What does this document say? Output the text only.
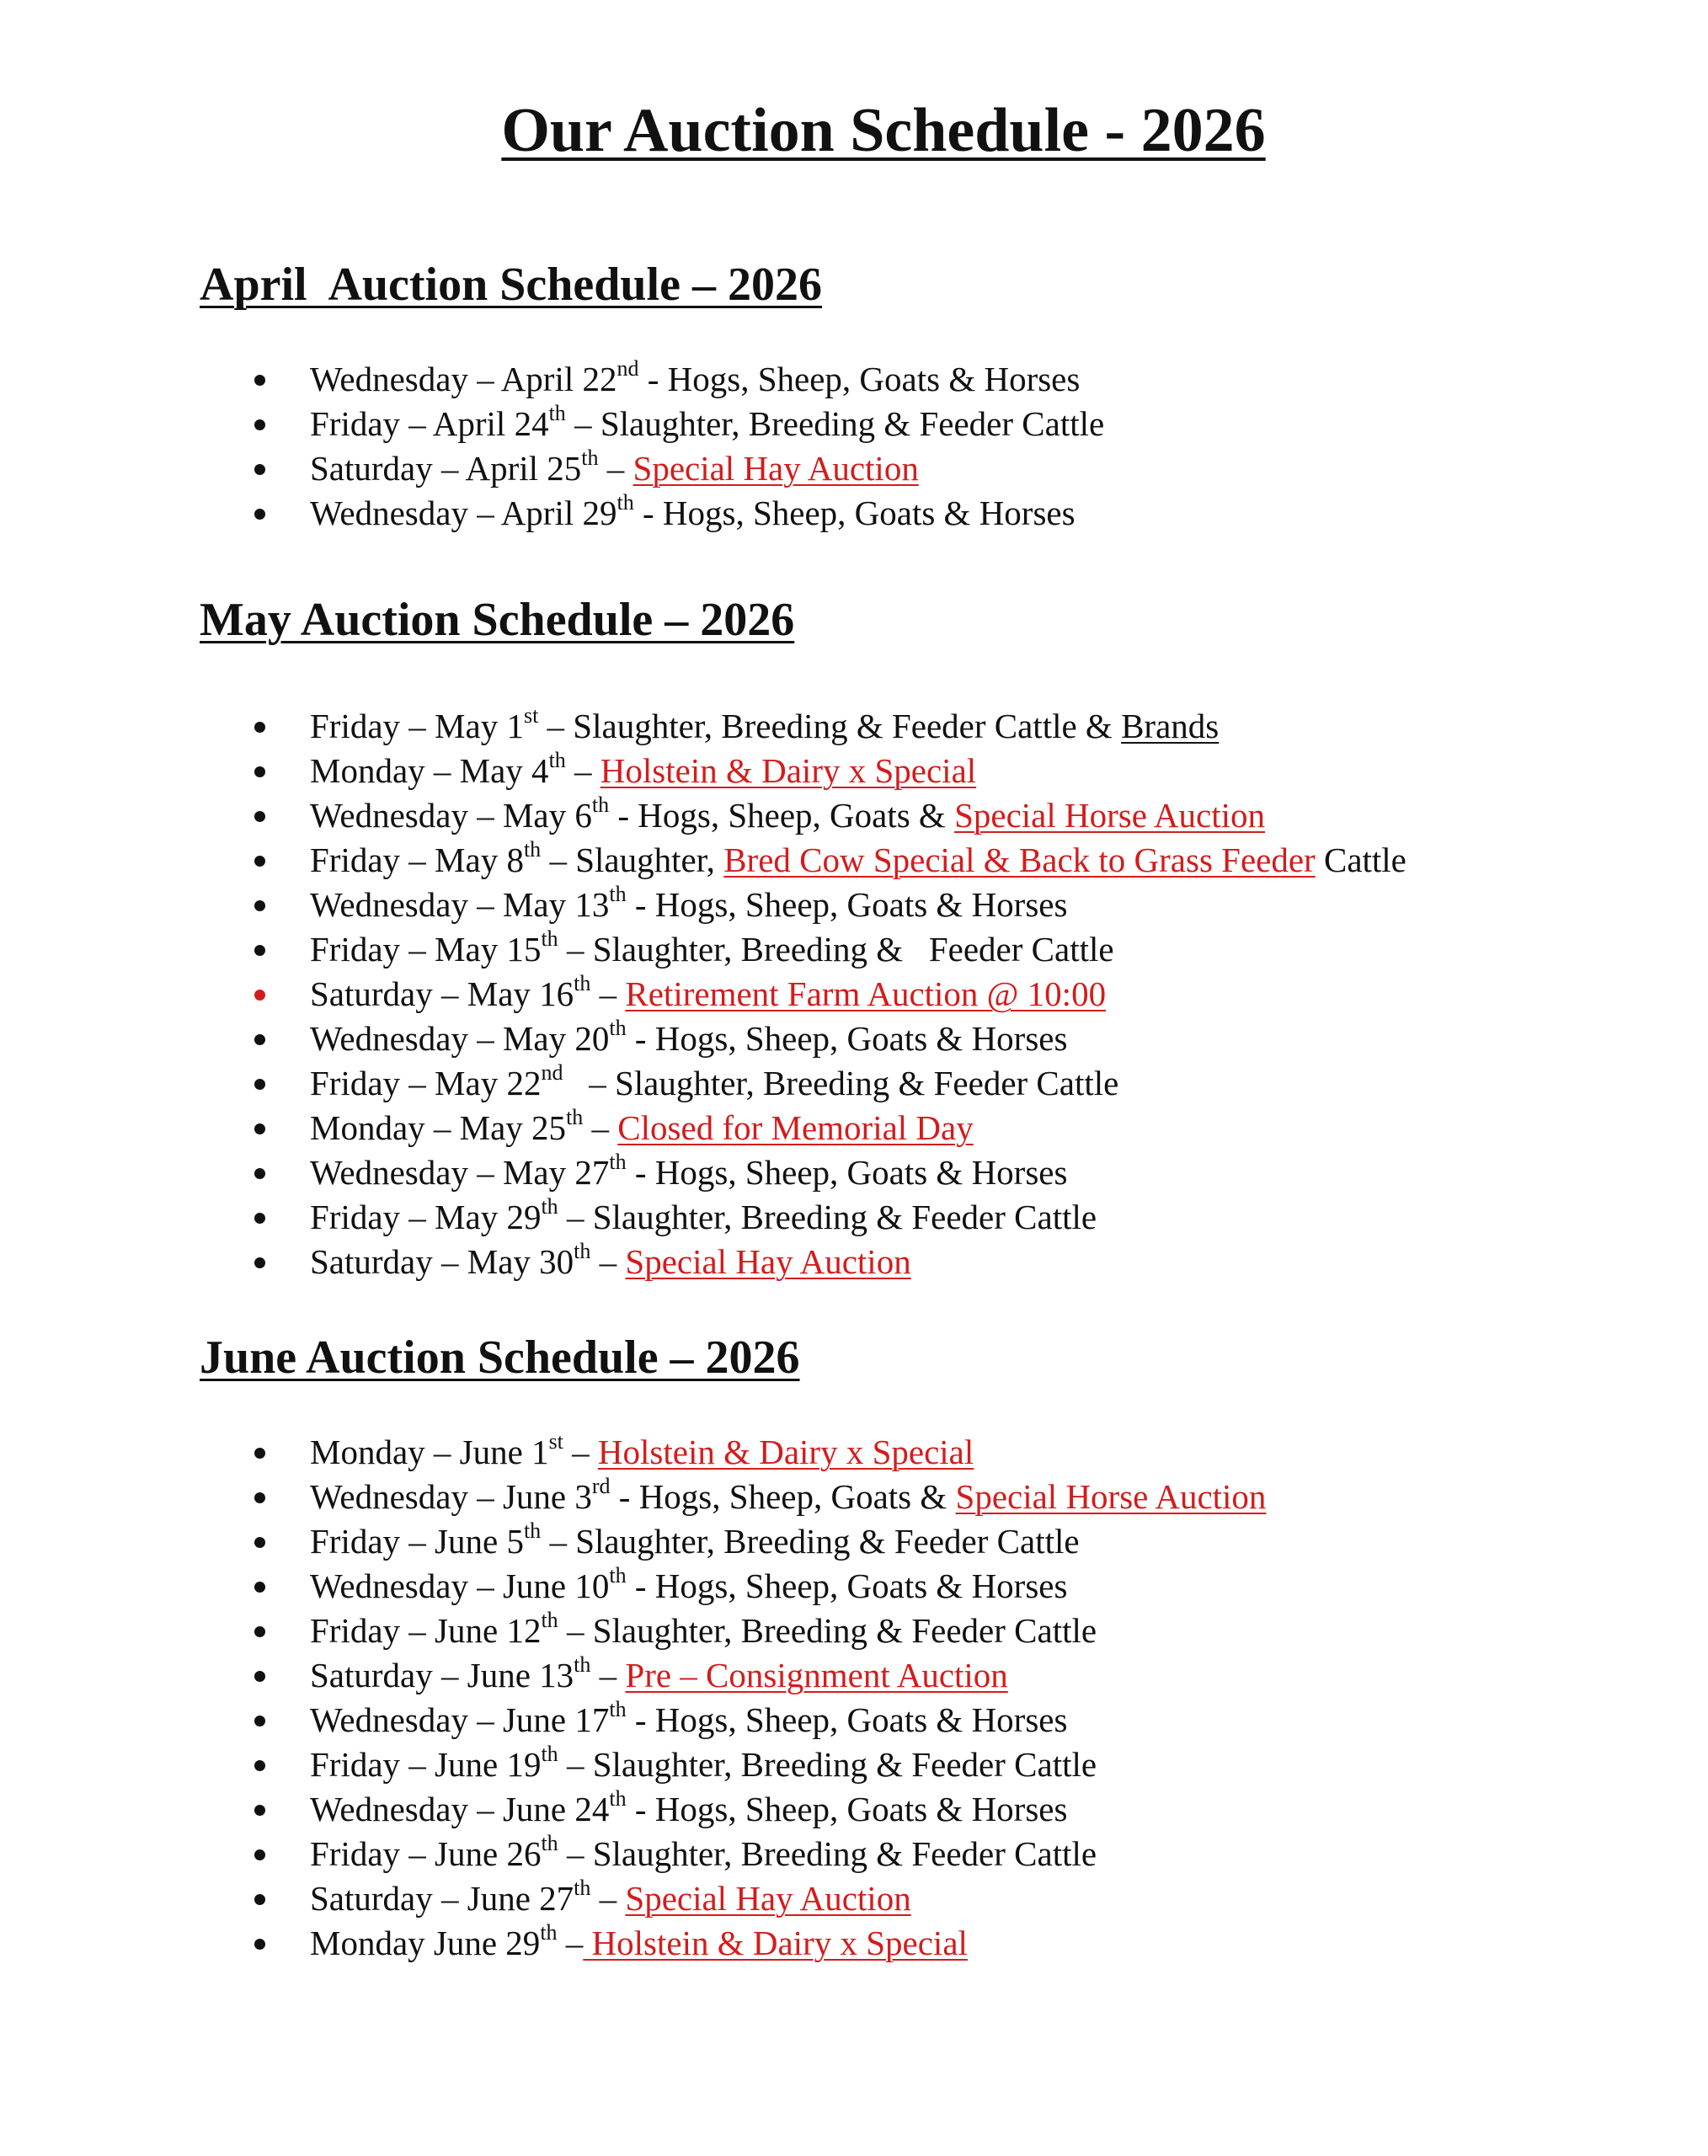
Our Auction Schedule - 2026
April  Auction Schedule – 2026
Wednesday – April 22nd - Hogs, Sheep, Goats & Horses
Friday – April 24th – Slaughter, Breeding & Feeder Cattle
Saturday – April 25th – Special Hay Auction
Wednesday – April 29th - Hogs, Sheep, Goats & Horses
May Auction Schedule – 2026
Friday – May 1st – Slaughter, Breeding & Feeder Cattle & Brands
Monday – May 4th – Holstein & Dairy x Special
Wednesday – May 6th - Hogs, Sheep, Goats & Special Horse Auction
Friday – May 8th – Slaughter, Bred Cow Special & Back to Grass Feeder Cattle
Wednesday – May 13th - Hogs, Sheep, Goats & Horses
Friday – May 15th – Slaughter, Breeding &   Feeder Cattle
Saturday – May 16th – Retirement Farm Auction @ 10:00
Wednesday – May 20th - Hogs, Sheep, Goats & Horses
Friday – May 22nd   – Slaughter, Breeding & Feeder Cattle
Monday – May 25th – Closed for Memorial Day
Wednesday – May 27th - Hogs, Sheep, Goats & Horses
Friday – May 29th – Slaughter, Breeding & Feeder Cattle
Saturday – May 30th – Special Hay Auction
June Auction Schedule – 2026
Monday – June 1st – Holstein & Dairy x Special
Wednesday – June 3rd - Hogs, Sheep, Goats & Special Horse Auction
Friday – June 5th – Slaughter, Breeding & Feeder Cattle
Wednesday – June 10th - Hogs, Sheep, Goats & Horses
Friday – June 12th – Slaughter, Breeding & Feeder Cattle
Saturday – June 13th – Pre – Consignment Auction
Wednesday – June 17th - Hogs, Sheep, Goats & Horses
Friday – June 19th – Slaughter, Breeding & Feeder Cattle
Wednesday – June 24th - Hogs, Sheep, Goats & Horses
Friday – June 26th – Slaughter, Breeding & Feeder Cattle
Saturday – June 27th – Special Hay Auction
Monday June 29th – Holstein & Dairy x Special
